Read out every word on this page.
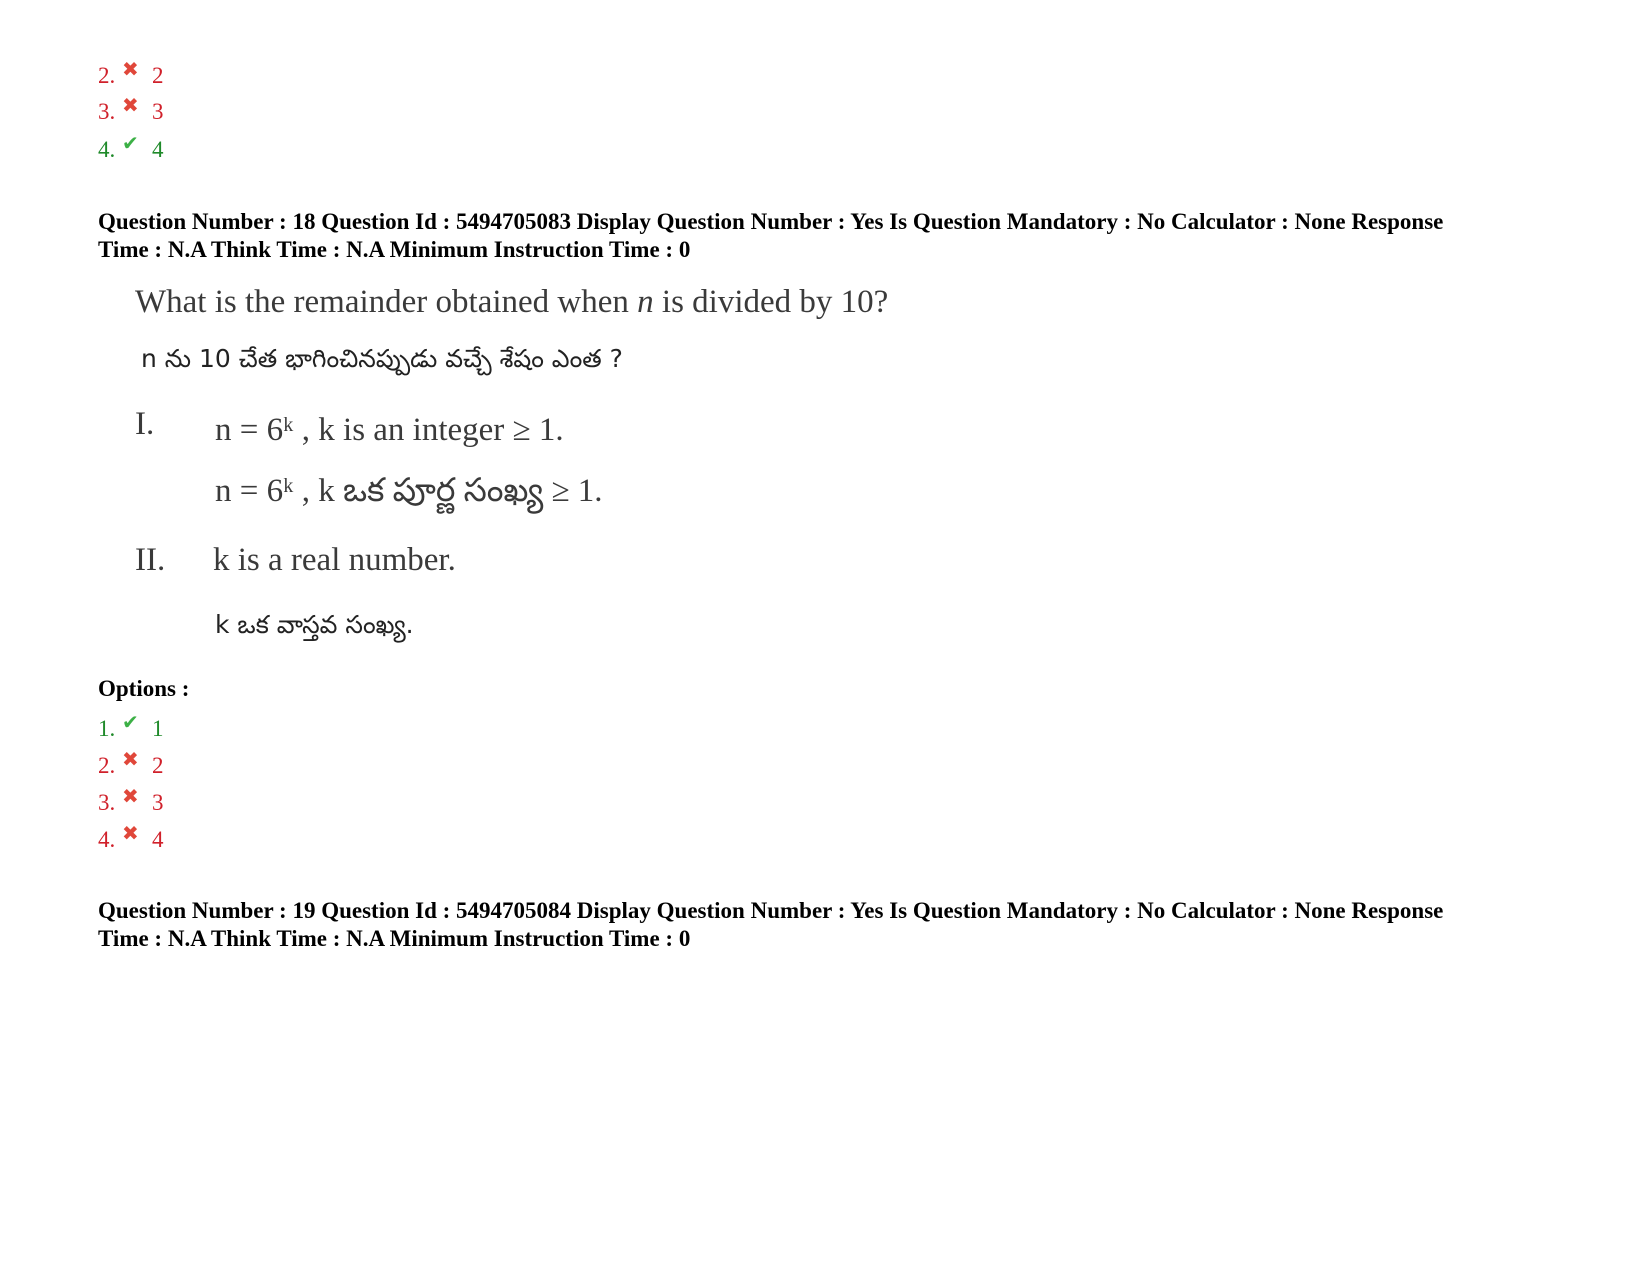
2. ✖ 2
3. ✖ 3
4. ✔ 4
Question Number : 18 Question Id : 5494705083 Display Question Number : Yes Is Question Mandatory : No Calculator : None Response
Time : N.A Think Time : N.A Minimum Instruction Time : 0
What is the remainder obtained when n is divided by 10?
n ను 10 చేత భాగించినప్పుడు వచ్చే శేషం ఎంత ?
I. n = 6ᵏ , k is an integer ≥ 1.
n = 6ᵏ , k ఒక పూర్ణ సంఖ్య ≥ 1.
II. k is a real number.
k ఒక వాస్తవ సంఖ్య.
Options :
1. ✔ 1
2. ✖ 2
3. ✖ 3
4. ✖ 4
Question Number : 19 Question Id : 5494705084 Display Question Number : Yes Is Question Mandatory : No Calculator : None Response
Time : N.A Think Time : N.A Minimum Instruction Time : 0
